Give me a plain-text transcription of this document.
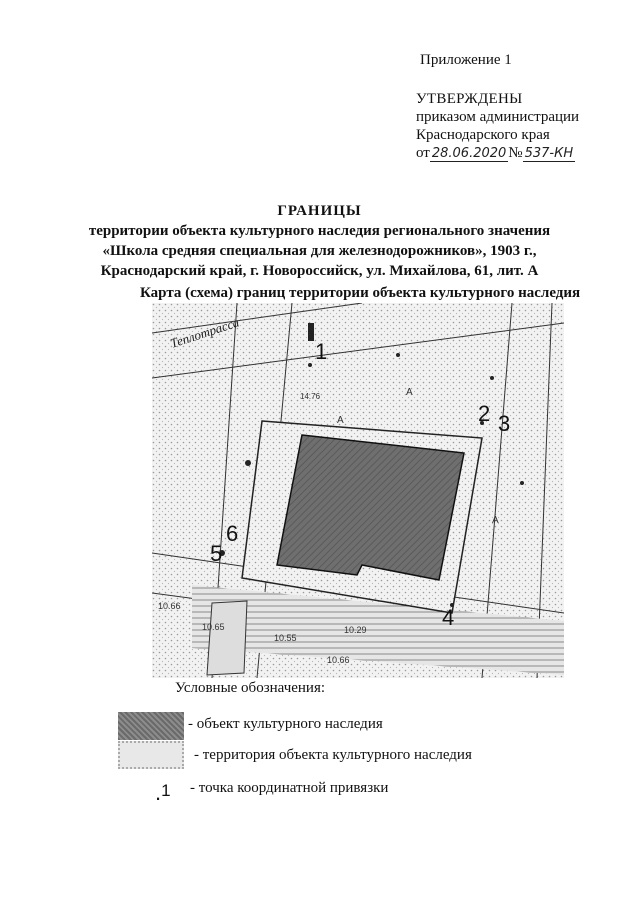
Приложение 1
УТВЕРЖДЕНЫ
приказом администрации
Краснодарского края
от 28.06.2020 № 537-КН
ГРАНИЦЫ
территории объекта культурного наследия регионального значения
«Школа средняя специальная для железнодорожников», 1903 г.,
Краснодарский край, г. Новороссийск, ул. Михайлова, 61, лит. А
Карта (схема) границ территории объекта культурного наследия
Теплотрасса
А
А
А
14.76
10.66
10.65
10.55
10.29
10.66
1
2 3
4
5
6
Условные обозначения:
- объект культурного наследия
- территория объекта культурного наследия
.1 - точка координатной привязки
